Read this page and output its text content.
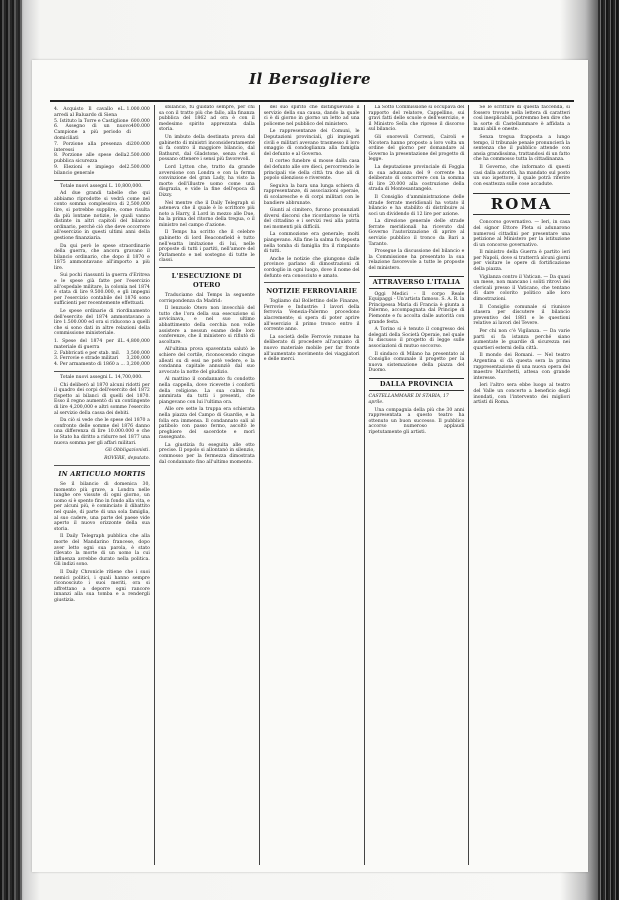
Il Bersagliere
4. Acquisto Il cavallo e arredi al Baluardo di Siena
L. 1.000.000
5. Istituto la Torre e Castiglione 600.000
6. Assegno di un nuovo Campione a più periodo di domiciliati
400.000
7. Porzione alla presenza di interessi
200.000
8. Porzione alle spese della pubblica sicurezza
2.500.000
9. Elezioni e impiego del bilancio generale
2.500.000

Totale nuovi assegni L. 10,800,000.

Ad due grandi tabelle che qui abbiamo riprodotte si vedrà come nel conto somma complessiva di 2,500,000 lire, si potrebbe supplire, come risulta da più lontane notizie, le quali vanno distinte in altri capitoli del bilancio ordinario, perchè ciò che deve occorrere all'esercizio in questi ultimi anni della gestione finanziaria.

Da qui però le spese straordinarie della guerra, che ancora gravano il bilancio ordinario, che dopo il 1870 e 1875 ammontavano all'importo a più lire.

Sui pochi riassunti la guerra d'Eritrea e le spese già fatte per l'esercizio all'ospedale militare, la colonia nel 1874 è stata di lire 9.500.000, e gli impegni per l'esercizio contabile del 1876 sono sufficienti per recentemente effettuati.

Le spese ordinarie di riordinamento dell'esercito del 1874 ammontavano a lire 1.500.000 ed ora si riducono a quelli che si sono dati in altre relazioni della commissione ministeriale.

1. Spese del 1874 per il materiale di guerra
L. 4,800,000
2. Fabbricati e per stab. mil. 3,500,000
3. Ferrovie e strade militari 3,200,000
4. Per armamento di 1860 a ... 3,200,000

Totale nuovi assegni L. 14,700,000.

Chi deliberò al 1870 alcuni ridotti per il quadro dei corpi dell'esercito del 1872 rispetto ai bilanci di quelli del 1870. Esso il regno aumentò di un contingente di lire 4,200,000 e altri somme l'esercito al servizio della cassa dei debiti.

Da ciò si vede che le spese del 1870 a confronto delle somme del 1876 danno una differenza di lire 10.000.000 e che lo Stato ha diritto a ridurre nel 1877 una nuova somma per gli affari militari.

Gli Obbligazionisti.
ROVERE, deputato.
IN ARTICULO MORTIS

Se il bilancio di domenica 30, momento più grave, a Londra nelle lunghe ore vissute di ogni giorno, un uomo si è spento fino in fondo alla vita, e per alcuni più, è cominciato il dibattito nel quale, di parte di una sola famiglia, al suo cadere, una parte del paese vide aperto il nuovo orizzonte della sua storia.

Il Daily Telegraph pubblica che alla morte del Mandarino francese, dopo aver letto ogni sua parola, è stato rilevato la morte di un uomo la cui influenza avrebbe durato nella politica. Gli indizi sono.

Il Daily Chronicle ritiene che i suoi nemici politici, i quali hanno sempre riconosciuto i suoi meriti, ora si affrettano a deporre ogni rancore innanzi alla sua tomba e a rendergli giustizia.

sbilancio, fu guidato sempre, per chi sa con il tratto più che fallo, alla finanza pubblica del 1862 ad ora è con il medesimo spirito apprezzata dalla storia.

Un imbuto della destinata prova dal gabinetto di ministri inconsideratamente si fa contro il maggiore bilancio, dal Bathurst, dal Gladstone, senza che si possano ottenere i sensi più favorevoli.

Lord Lytton che, tratto da grande avversione con Londra e con la ferma convinzione del gran Lady, ha visto la morte dell'illustre uomo come una disgrazia, e vide la fine dell'epoca di Dizzy.

Nel mentre che il Daily Telegraph si asteneva che il quale è lo scrittore più noto a Harry, il Lord in mezzo alle Due, ha la prima del ritorno della tregua, o il ministro nel campo d'azione.

Il Temps ha scritto che il celebre gabinetto di lord Beaconsfield è tutto nell'esatta imitazione di lui, nelle proposte di tutti i partiti, nell'amore del Parlamento e nel sostegno di tutte le classi.

L'ESECUZIONE DI OTERO

Traduciamo dal Temps la seguente corrispondenza da Madrid:

Il lenzuolo Otero non invecchiò del tutto che l'ora della sua esecuzione si avvicinava, e nel suo ultimo abbattimento della cerchia non volle assistere a nessun esame delle loro conferenze, che il ministero si rifiutò di ascoltare.

All'ultima prova spaventata salutò le schiere del cortile, riconoscendo cinque alleati su di essi ne potè vedere, e la condanna capitale annunziò dal suo avvocato la notte del giudizio.

Al mattino il condannato fu condotto nella cappella, dove ricevette i conforti della religione. La sua calma fu ammirata da tutti i presenti, che piangevano con lui l'ultima ora.

Alle ore sette la truppa era schierata nella piazza del Campo di Guardie, e la folla era immensa. Il condannato salì al patibolo con passo fermo, ascoltò le preghiere del sacerdote e morì rassegnato.

La giustizia fu eseguita alle otto precise. Il popolo si allontanò in silenzio, commosso per la fermezza dimostrata dal condannato fino all'ultimo momento.

del suo spirito che distinguevano il servizio della sua causa, dando la quale ci è di giorno in giorno un letto ad una policeme nel pubblico del ministero.

Le rappresentanze dei Comuni, le Deputazioni provinciali, gli impiegati civili e militari avevano trasmesso il loro omaggio di condoglianza alla famiglia del defunto e al Governo.

Il corteo funebre si mosse dalla casa del defunto alle ore dieci, percorrendo le principali vie della città tra due ali di popolo silenzioso e riverente.

Seguiva la bara una lunga schiera di rappresentanze, di associazioni operaie, di scolaresche e di corpi militari con le bandiere abbrunate.

Giunti al cimitero, furono pronunziati diversi discorsi che ricordarono le virtù del cittadino e i servizi resi alla patria nei momenti più difficili.

La commozione era generale; molti piangevano. Alla fine la salma fu deposta nella tomba di famiglia fra il rimpianto di tutti.

Anche le notizie che giungono dalle province parlano di dimostrazioni di cordoglio in ogni luogo, dove il nome del defunto era conosciuto e amato.

NOTIZIE FERROVIARIE

Togliamo dal Bollettino delle Finanze, Ferrovie e Industrie: I lavori della ferrovia Venezia-Palermo procedono alacremente; si spera di poter aprire all'esercizio il primo tronco entro il corrente anno.

La società delle Ferrovie romane ha deliberato di procedere all'acquisto di nuovo materiale mobile per far fronte all'aumentato movimento dei viaggiatori e delle merci.

La Sotto Commissione si occupava del rapporto del relatore, Cappellino, sui gravi fatti delle scuole e dell'esercizio, e il Ministro Sella che riprese il discorso sul bilancio.

Gli onorevoli Correnti, Cairoli e Nicotera hanno proposto a loro volta un ordine del giorno per domandare al Governo la presentazione del progetto di legge.

La deputazione provinciale di Foggia in sua adunanza del 9 corrente ha deliberato di concorrere con la somma di lire 20.000 alla costruzione della strada di Montesantangelo.

Il Consiglio d'amministrazione delle strade ferrate meridionali ha votato il bilancio e ha stabilito di distribuire ai soci un dividendo di 12 lire per azione.

La direzione generale delle strade ferrate meridionali ha ricevuto dal Governo l'autorizzazione di aprire al servizio pubblico il tronco da Bari a Taranto.

Prosegue la discussione del bilancio e la Commissione ha presentato la sua relazione favorevole a tutte le proposte del ministero.

ATTRAVERSO L'ITALIA

Oggi Medici - Il corpo Reale Equipaggi - Un'artista famoso. S. A. R. la Principessa Maria di Francia è giunta a Palermo, accompagnata dal Principe di Piemonte e fu accolta dalle autorità con grande festa.

A Torino si è tenuto il congresso dei delegati della Società Operaie, nel quale fu discusso il progetto di legge sulle associazioni di mutuo soccorso.

Il sindaco di Milano ha presentato al Consiglio comunale il progetto per la nuova sistemazione della piazza del Duomo.

DALLA PROVINCIA
CASTELLAMMARE DI STABIA, 17 aprile.

Una compagnia della più che 30 anni rappresentata a questo teatro ha ottenuto un buon successo. Il pubblico accorso numeroso applaudì ripetutamente gli artisti.

Se le scritture di questa faccenda, si fossero trovate nella lettera di caratteri così inesplicabili, potremmo ben dire che la sorte di Castellammare è affidata a mani abili e oneste.

Senza tregua frapposta a lungo tempo, il tribunale penale pronuncierà la sentenza che il pubblico attende con ansia grandissima, trattandosi di un fatto che ha commosso tutta la cittadinanza.

Il Governo, che informato di questi casi dalla autorità, ha mandato sul posto un suo ispettore, il quale potrà riferire con esattezza sulle cose accadute.

ROMA

Concorso governativo. — Ieri, in casa del signor Ettore Pleta si adunarono numerosi cittadini per presentare una petizione al Ministero per la istituzione di un concorso governativo.

Il ministro della Guerra è partito ieri per Napoli, dove si tratterrà alcuni giorni per visitare le opere di fortificazione della piazza.

Vigilanza contro il Vatican. — Da quasi un mese, non mancano i soliti ritrovi dei clericali presso il Vaticano, che tentano di dare colorito politico alle loro dimostrazioni.

Il Consiglio comunale si riunisce stasera per discutere il bilancio preventivo del 1881 e le questioni relative ai lavori del Tevere.

Per chi non c'è Vigilanza. — Da varie parti si fa istanza perché siano aumentate le guardie di sicurezza nei quartieri esterni della città.

Il mondo dei Romani. — Nel teatro Argentina si dà questa sera la prima rappresentazione di una nuova opera del maestro Marchetti, attesa con grande interesse.

Ieri l'altro sera ebbe luogo al teatro del Valle un concerto a beneficio degli inondati, con l'intervento dei migliori artisti di Roma.
